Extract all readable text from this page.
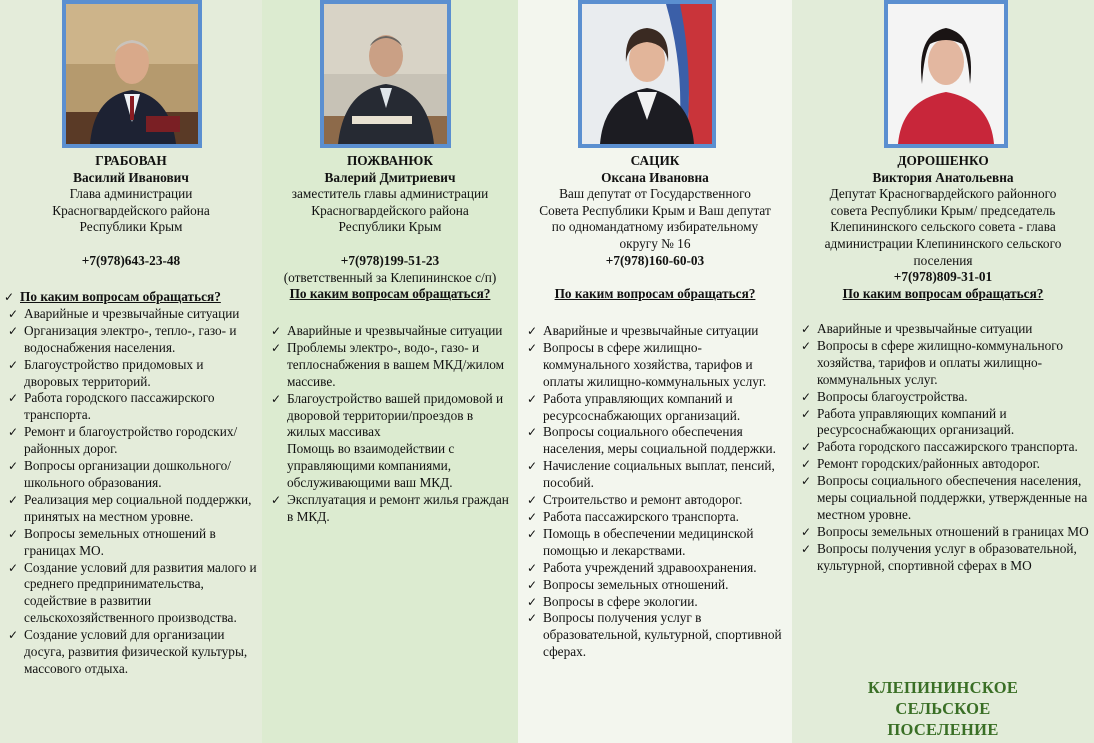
ГРАБОВАН
Василий Иванович
Глава администрации
Красногвардейского района
Республики Крым
+7(978)643-23-48
✓ По каким вопросам обращаться?
✓ Аварийные и чрезвычайные ситуации
✓ Организация электро-, тепло-, газо- и водоснабжения населения.
✓ Благоустройство придомовых и дворовых территорий.
✓ Работа городского пассажирского транспорта.
✓ Ремонт и благоустройство городских/районных дорог.
✓ Вопросы организации дошкольного/школьного образования.
✓ Реализация мер социальной поддержки, принятых на местном уровне.
✓ Вопросы земельных отношений в границах МО.
✓ Создание условий для развития малого и среднего предпринимательства, содействие в развитии сельскохозяйственного производства.
✓ Создание условий для организации досуга, развития физической культуры, массового отдыха.
ПОЖВАНЮК
Валерий Дмитриевич
заместитель главы администрации
Красногвардейского района
Республики Крым
+7(978)199-51-23
(ответственный за Клепининское с/п)
По каким вопросам обращаться?
✓ Аварийные и чрезвычайные ситуации
✓ Проблемы электро-, водо-, газо- и теплоснабжения в вашем МКД/жилом массиве.
✓ Благоустройство вашей придомовой и дворовой территории/проездов в жилых массивах
Помощь во взаимодействии с управляющими компаниями, обслуживающими ваш МКД.
✓ Эксплуатация и ремонт жилья граждан в МКД.
САЦИК
Оксана Ивановна
Ваш депутат от Государственного
Совета Республики Крым и Ваш депутат
по одномандатному избирательному
округу № 16
+7(978)160-60-03
По каким вопросам обращаться?
✓ Аварийные и чрезвычайные ситуации
✓ Вопросы в сфере жилищно-коммунального хозяйства, тарифов и оплаты жилищно-коммунальных услуг.
✓ Работа управляющих компаний и ресурсоснабжающих организаций.
✓ Вопросы социального обеспечения населения, меры социальной поддержки.
✓ Начисление социальных выплат, пенсий, пособий.
✓ Строительство и ремонт автодорог.
✓ Работа пассажирского транспорта.
✓ Помощь в обеспечении медицинской помощью и лекарствами.
✓ Работа учреждений здравоохранения.
✓ Вопросы земельных отношений.
✓ Вопросы в сфере экологии.
✓ Вопросы получения услуг в образовательной, культурной, спортивной сферах.
ДОРОШЕНКО
Виктория Анатольевна
Депутат Красногвардейского районного
совета Республики Крым/ председатель
Клепининского сельского совета - глава
администрации Клепининского сельского
поселения
+7(978)809-31-01
По каким вопросам обращаться?
✓ Аварийные и чрезвычайные ситуации
✓ Вопросы в сфере жилищно-коммунального хозяйства, тарифов и оплаты жилищно-коммунальных услуг.
✓ Вопросы благоустройства.
✓ Работа управляющих компаний и ресурсоснабжающих организаций.
✓ Работа городского пассажирского транспорта.
✓ Ремонт городских/районных автодорог.
✓ Вопросы социального обеспечения населения, меры социальной поддержки, утвержденные на местном уровне.
✓ Вопросы земельных отношений в границах МО
✓ Вопросы получения услуг в образовательной, культурной, спортивной сферах в МО
КЛЕПИНИНСКОЕ
СЕЛЬСКОЕ
ПОСЕЛЕНИЕ
